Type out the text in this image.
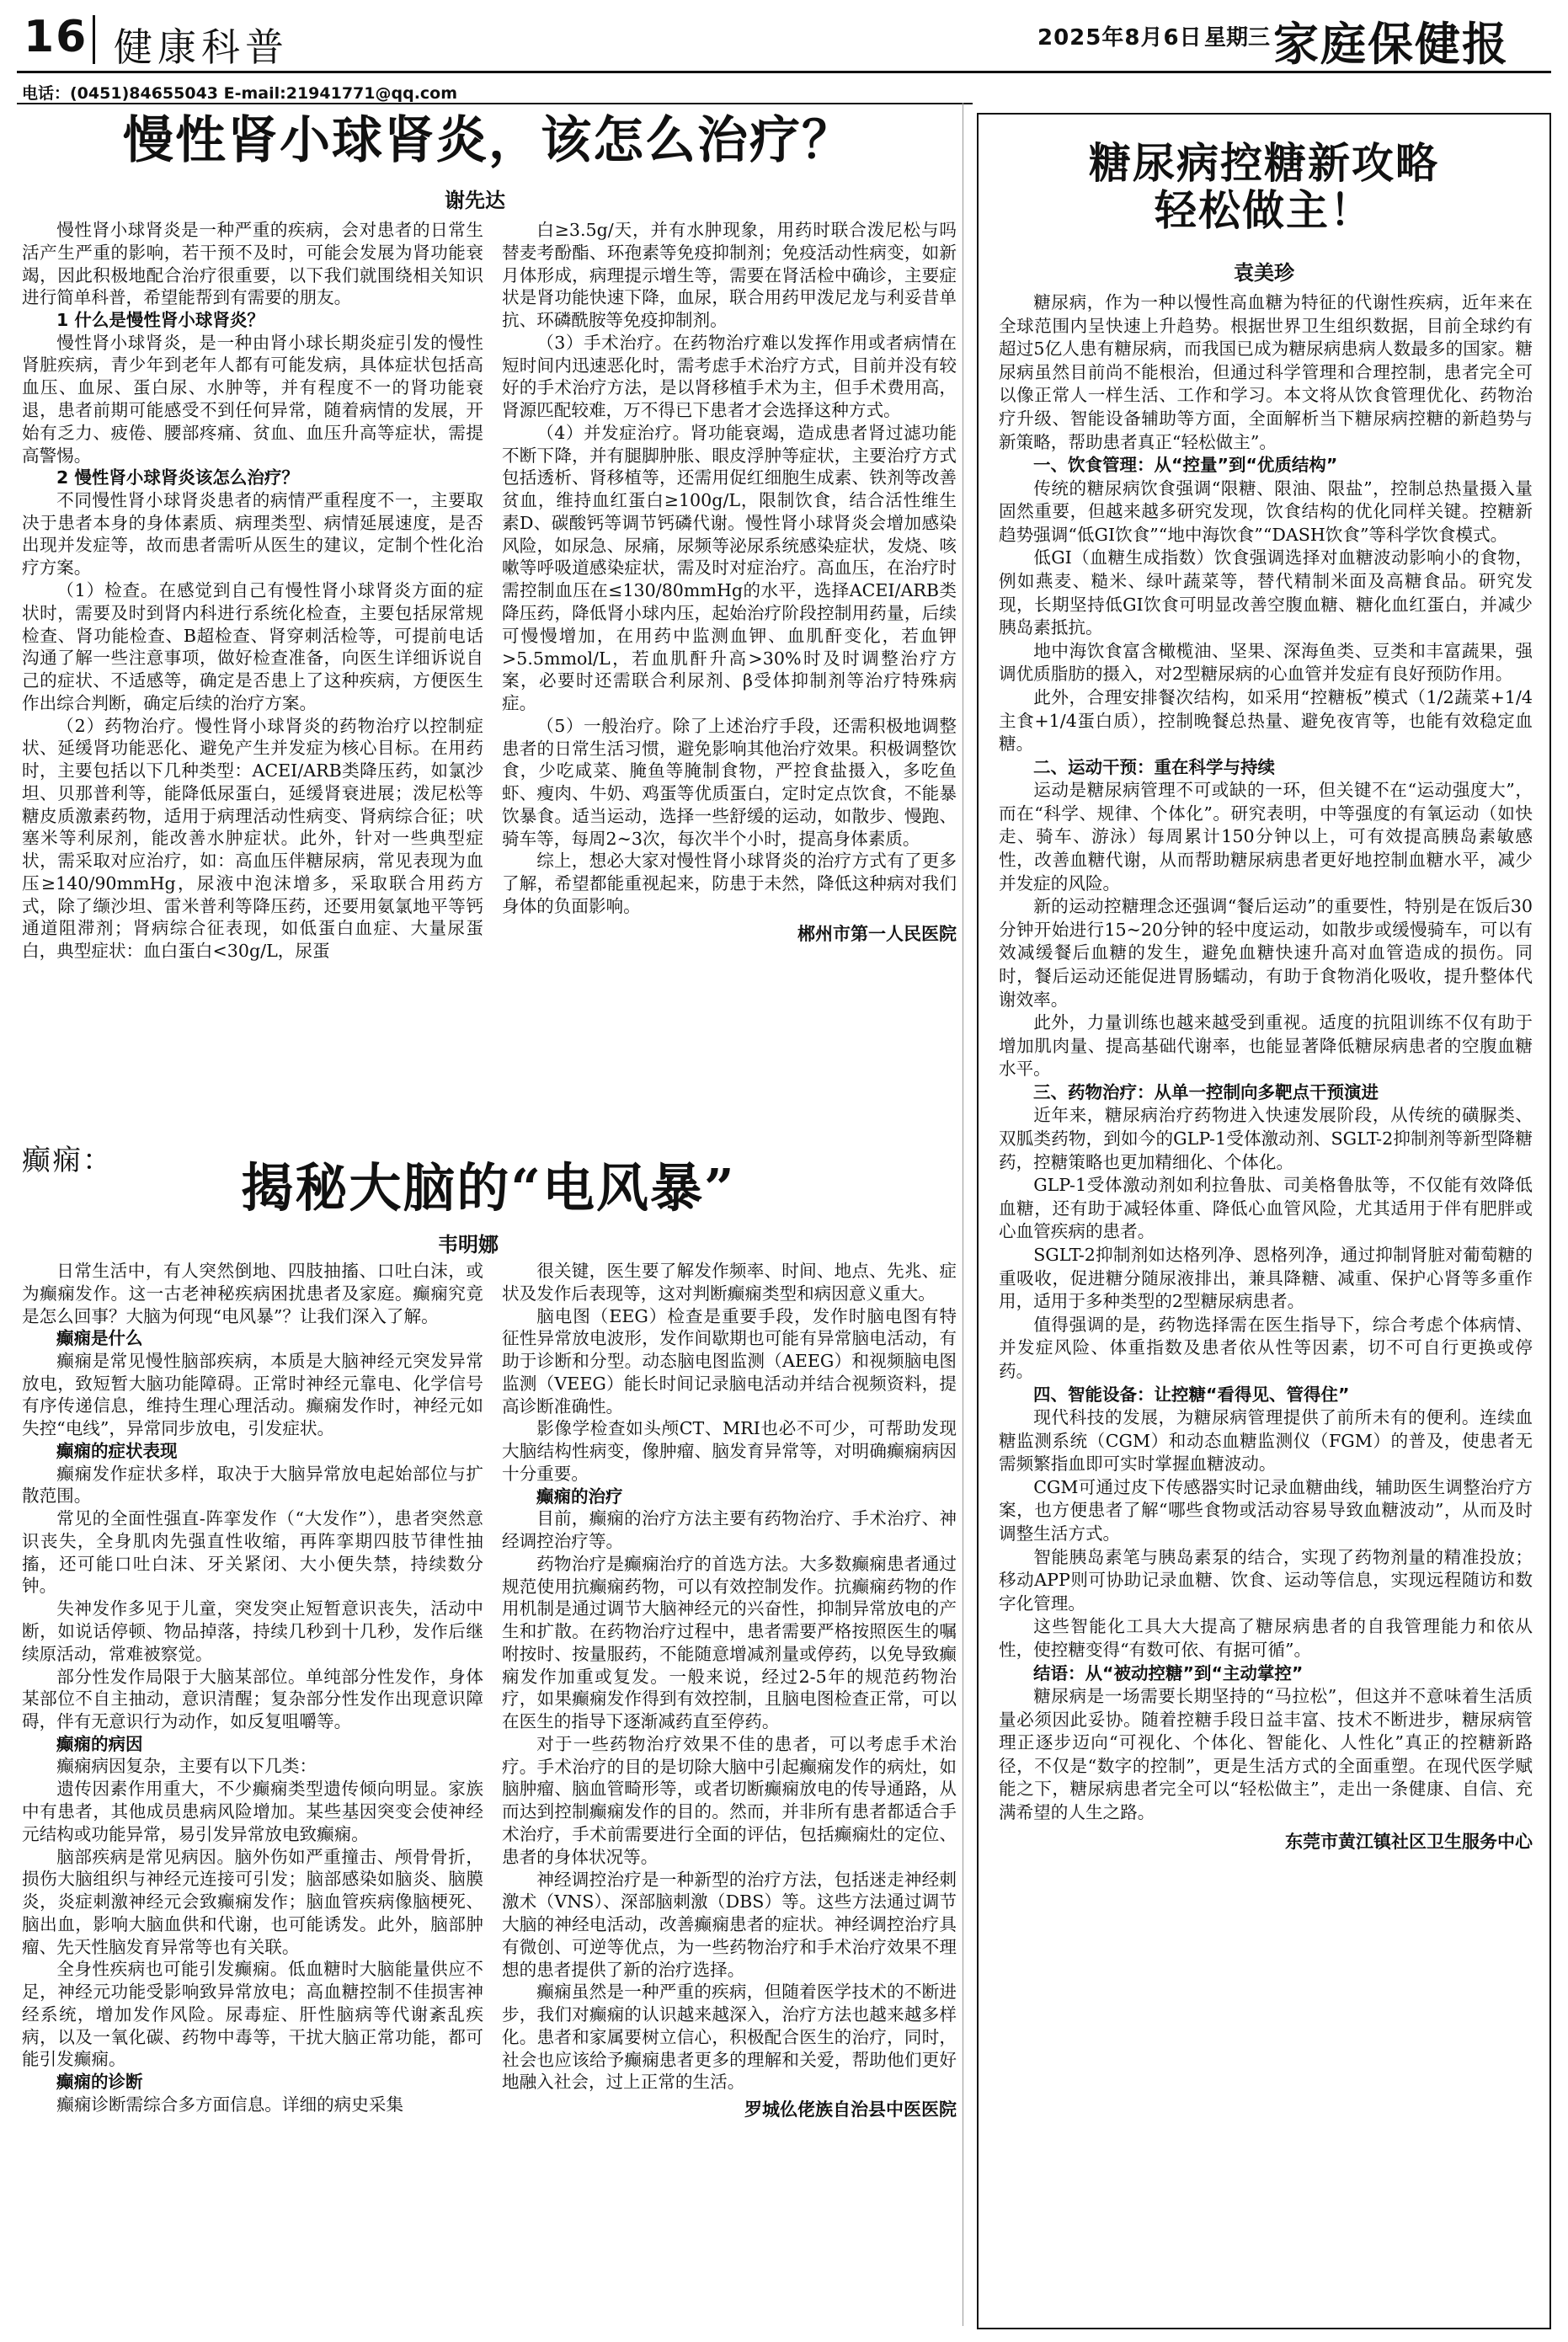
16 健康科普	2025年8月6日 星期三 家庭保健报
电话：(0451)84655043 E-mail:21941771@qq.com
慢性肾小球肾炎，该怎么治疗？
谢先达

慢性肾小球肾炎是一种严重的疾病，会对患者的日常生活产生严重的影响，若干预不及时，可能会发展为肾功能衰竭，因此积极地配合治疗很重要，以下我们就围绕相关知识进行简单科普，希望能帮到有需要的朋友。

1 什么是慢性肾小球肾炎？

慢性肾小球肾炎，是一种由肾小球长期炎症引发的慢性肾脏疾病，青少年到老年人都有可能发病，具体症状包括高血压、血尿、蛋白尿、水肿等，并有程度不一的肾功能衰退，患者前期可能感受不到任何异常，随着病情的发展，开始有乏力、疲倦、腰部疼痛、贫血、血压升高等症状，需提高警惕。

2 慢性肾小球肾炎该怎么治疗？

不同慢性肾小球肾炎患者的病情严重程度不一，主要取决于患者本身的身体素质、病理类型、病情延展速度，是否出现并发症等，故而患者需听从医生的建议，定制个性化治疗方案。

（1）检查。在感觉到自己有慢性肾小球肾炎方面的症状时，需要及时到肾内科进行系统化检查，主要包括尿常规检查、肾功能检查、B超检查、肾穿刺活检等，可提前电话沟通了解一些注意事项，做好检查准备，向医生详细诉说自己的症状、不适感等，确定是否患上了这种疾病，方便医生作出综合判断，确定后续的治疗方案。

（2）药物治疗。慢性肾小球肾炎的药物治疗以控制症状、延缓肾功能恶化、避免产生并发症为核心目标。在用药时，主要包括以下几种类型：ACEI/ARB类降压药，如氯沙坦、贝那普利等，能降低尿蛋白，延缓肾衰进展；泼尼松等糖皮质激素药物，适用于病理活动性病变、肾病综合征；吠塞米等利尿剂，能改善水肿症状。此外，针对一些典型症状，需采取对应治疗，如：高血压伴糖尿病，常见表现为血压≥140/90mmHg，尿液中泡沫增多，采取联合用药方式，除了缬沙坦、雷米普利等降压药，还要用氨氯地平等钙通道阻滞剂；肾病综合征表现，如低蛋白血症、大量尿蛋白，典型症状：血白蛋白<30g/L，尿蛋

白≥3.5g/天，并有水肿现象，用药时联合泼尼松与吗替麦考酚酯、环孢素等免疫抑制剂；免疫活动性病变，如新月体形成，病理提示增生等，需要在肾活检中确诊，主要症状是肾功能快速下降，血尿，联合用药甲泼尼龙与利妥昔单抗、环磷酰胺等免疫抑制剂。

（3）手术治疗。在药物治疗难以发挥作用或者病情在短时间内迅速恶化时，需考虑手术治疗方式，目前并没有较好的手术治疗方法，是以肾移植手术为主，但手术费用高，肾源匹配较难，万不得已下患者才会选择这种方式。

（4）并发症治疗。肾功能衰竭，造成患者肾过滤功能不断下降，并有腿脚肿胀、眼皮浮肿等症状，主要治疗方式包括透析、肾移植等，还需用促红细胞生成素、铁剂等改善贫血，维持血红蛋白≥100g/L，限制饮食，结合活性维生素D、碳酸钙等调节钙磷代谢。慢性肾小球肾炎会增加感染风险，如尿急、尿痛，尿频等泌尿系统感染症状，发烧、咳嗽等呼吸道感染症状，需及时对症治疗。高血压，在治疗时需控制血压在≤130/80mmHg的水平，选择ACEI/ARB类降压药，降低肾小球内压，起始治疗阶段控制用药量，后续可慢慢增加，在用药中监测血钾、血肌酐变化，若血钾>5.5mmol/L，若血肌酐升高>30%时及时调整治疗方案，必要时还需联合利尿剂、β受体抑制剂等治疗特殊病症。

（5）一般治疗。除了上述治疗手段，还需积极地调整患者的日常生活习惯，避免影响其他治疗效果。积极调整饮食，少吃咸菜、腌鱼等腌制食物，严控食盐摄入，多吃鱼虾、瘦肉、牛奶、鸡蛋等优质蛋白，定时定点饮食，不能暴饮暴食。适当运动，选择一些舒缓的运动，如散步、慢跑、骑车等，每周2~3次，每次半个小时，提高身体素质。

综上，想必大家对慢性肾小球肾炎的治疗方式有了更多了解，希望都能重视起来，防患于未然，降低这种病对我们身体的负面影响。

郴州市第一人民医院

癫痫：	揭秘大脑的“电风暴”
韦明娜

日常生活中，有人突然倒地、四肢抽搐、口吐白沫，或为癫痫发作。这一古老神秘疾病困扰患者及家庭。癫痫究竟是怎么回事？大脑为何现“电风暴”？让我们深入了解。

癫痫是什么

癫痫是常见慢性脑部疾病，本质是大脑神经元突发异常放电，致短暂大脑功能障碍。正常时神经元靠电、化学信号有序传递信息，维持生理心理活动。癫痫发作时，神经元如失控“电线”，异常同步放电，引发症状。

癫痫的症状表现

癫痫发作症状多样，取决于大脑异常放电起始部位与扩散范围。

常见的全面性强直-阵挛发作（“大发作”），患者突然意识丧失，全身肌肉先强直性收缩，再阵挛期四肢节律性抽搐，还可能口吐白沫、牙关紧闭、大小便失禁，持续数分钟。

失神发作多见于儿童，突发突止短暂意识丧失，活动中断，如说话停顿、物品掉落，持续几秒到十几秒，发作后继续原活动，常难被察觉。

部分性发作局限于大脑某部位。单纯部分性发作，身体某部位不自主抽动，意识清醒；复杂部分性发作出现意识障碍，伴有无意识行为动作，如反复咀嚼等。

癫痫的病因

癫痫病因复杂，主要有以下几类：

遗传因素作用重大，不少癫痫类型遗传倾向明显。家族中有患者，其他成员患病风险增加。某些基因突变会使神经元结构或功能异常，易引发异常放电致癫痫。

脑部疾病是常见病因。脑外伤如严重撞击、颅骨骨折，损伤大脑组织与神经元连接可引发；脑部感染如脑炎、脑膜炎，炎症刺激神经元会致癫痫发作；脑血管疾病像脑梗死、脑出血，影响大脑血供和代谢，也可能诱发。此外，脑部肿瘤、先天性脑发育异常等也有关联。

全身性疾病也可能引发癫痫。低血糖时大脑能量供应不足，神经元功能受影响致异常放电；高血糖控制不佳损害神经系统，增加发作风险。尿毒症、肝性脑病等代谢紊乱疾病，以及一氧化碳、药物中毒等，干扰大脑正常功能，都可能引发癫痫。

癫痫的诊断

癫痫诊断需综合多方面信息。详细的病史采集

很关键，医生要了解发作频率、时间、地点、先兆、症状及发作后表现等，这对判断癫痫类型和病因意义重大。

脑电图（EEG）检查是重要手段，发作时脑电图有特征性异常放电波形，发作间歇期也可能有异常脑电活动，有助于诊断和分型。动态脑电图监测（AEEG）和视频脑电图监测（VEEG）能长时间记录脑电活动并结合视频资料，提高诊断准确性。

影像学检查如头颅CT、MRI也必不可少，可帮助发现大脑结构性病变，像肿瘤、脑发育异常等，对明确癫痫病因十分重要。

癫痫的治疗

目前，癫痫的治疗方法主要有药物治疗、手术治疗、神经调控治疗等。

药物治疗是癫痫治疗的首选方法。大多数癫痫患者通过规范使用抗癫痫药物，可以有效控制发作。抗癫痫药物的作用机制是通过调节大脑神经元的兴奋性，抑制异常放电的产生和扩散。在药物治疗过程中，患者需要严格按照医生的嘱咐按时、按量服药，不能随意增减剂量或停药，以免导致癫痫发作加重或复发。一般来说，经过2-5年的规范药物治疗，如果癫痫发作得到有效控制，且脑电图检查正常，可以在医生的指导下逐渐减药直至停药。

对于一些药物治疗效果不佳的患者，可以考虑手术治疗。手术治疗的目的是切除大脑中引起癫痫发作的病灶，如脑肿瘤、脑血管畸形等，或者切断癫痫放电的传导通路，从而达到控制癫痫发作的目的。然而，并非所有患者都适合手术治疗，手术前需要进行全面的评估，包括癫痫灶的定位、患者的身体状况等。

神经调控治疗是一种新型的治疗方法，包括迷走神经刺激术（VNS）、深部脑刺激（DBS）等。这些方法通过调节大脑的神经电活动，改善癫痫患者的症状。神经调控治疗具有微创、可逆等优点，为一些药物治疗和手术治疗效果不理想的患者提供了新的治疗选择。

癫痫虽然是一种严重的疾病，但随着医学技术的不断进步，我们对癫痫的认识越来越深入，治疗方法也越来越多样化。患者和家属要树立信心，积极配合医生的治疗，同时，社会也应该给予癫痫患者更多的理解和关爱，帮助他们更好地融入社会，过上正常的生活。

罗城仫佬族自治县中医医院

糖尿病控糖新攻略
轻松做主！
袁美珍

糖尿病，作为一种以慢性高血糖为特征的代谢性疾病，近年来在全球范围内呈快速上升趋势。根据世界卫生组织数据，目前全球约有超过5亿人患有糖尿病，而我国已成为糖尿病患病人数最多的国家。糖尿病虽然目前尚不能根治，但通过科学管理和合理控制，患者完全可以像正常人一样生活、工作和学习。本文将从饮食管理优化、药物治疗升级、智能设备辅助等方面，全面解析当下糖尿病控糖的新趋势与新策略，帮助患者真正“轻松做主”。

一、饮食管理：从“控量”到“优质结构”

传统的糖尿病饮食强调“限糖、限油、限盐”，控制总热量摄入量固然重要，但越来越多研究发现，饮食结构的优化同样关键。控糖新趋势强调“低GI饮食”“地中海饮食”“DASH饮食”等科学饮食模式。

低GI（血糖生成指数）饮食强调选择对血糖波动影响小的食物，例如燕麦、糙米、绿叶蔬菜等，替代精制米面及高糖食品。研究发现，长期坚持低GI饮食可明显改善空腹血糖、糖化血红蛋白，并减少胰岛素抵抗。

地中海饮食富含橄榄油、坚果、深海鱼类、豆类和丰富蔬果，强调优质脂肪的摄入，对2型糖尿病的心血管并发症有良好预防作用。

此外，合理安排餐次结构，如采用“控糖板”模式（1/2蔬菜+1/4主食+1/4蛋白质），控制晚餐总热量、避免夜宵等，也能有效稳定血糖。

二、运动干预：重在科学与持续

运动是糖尿病管理不可或缺的一环，但关键不在“运动强度大”，而在“科学、规律、个体化”。研究表明，中等强度的有氧运动（如快走、骑车、游泳）每周累计150分钟以上，可有效提高胰岛素敏感性，改善血糖代谢，从而帮助糖尿病患者更好地控制血糖水平，减少并发症的风险。

新的运动控糖理念还强调“餐后运动”的重要性，特别是在饭后30分钟开始进行15~20分钟的轻中度运动，如散步或缓慢骑车，可以有效减缓餐后血糖的发生，避免血糖快速升高对血管造成的损伤。同时，餐后运动还能促进胃肠蠕动，有助于食物消化吸收，提升整体代谢效率。

此外，力量训练也越来越受到重视。适度的抗阻训练不仅有助于增加肌肉量、提高基础代谢率，也能显著降低糖尿病患者的空腹血糖水平。

三、药物治疗：从单一控制向多靶点干预演进

近年来，糖尿病治疗药物进入快速发展阶段，从传统的磺脲类、双胍类药物，到如今的GLP-1受体激动剂、SGLT-2抑制剂等新型降糖药，控糖策略也更加精细化、个体化。

GLP-1受体激动剂如利拉鲁肽、司美格鲁肽等，不仅能有效降低血糖，还有助于减轻体重、降低心血管风险，尤其适用于伴有肥胖或心血管疾病的患者。

SGLT-2抑制剂如达格列净、恩格列净，通过抑制肾脏对葡萄糖的重吸收，促进糖分随尿液排出，兼具降糖、减重、保护心肾等多重作用，适用于多种类型的2型糖尿病患者。

值得强调的是，药物选择需在医生指导下，综合考虑个体病情、并发症风险、体重指数及患者依从性等因素，切不可自行更换或停药。

四、智能设备：让控糖“看得见、管得住”

现代科技的发展，为糖尿病管理提供了前所未有的便利。连续血糖监测系统（CGM）和动态血糖监测仪（FGM）的普及，使患者无需频繁指血即可实时掌握血糖波动。

CGM可通过皮下传感器实时记录血糖曲线，辅助医生调整治疗方案，也方便患者了解“哪些食物或活动容易导致血糖波动”，从而及时调整生活方式。

智能胰岛素笔与胰岛素泵的结合，实现了药物剂量的精准投放；移动APP则可协助记录血糖、饮食、运动等信息，实现远程随访和数字化管理。

这些智能化工具大大提高了糖尿病患者的自我管理能力和依从性，使控糖变得“有数可依、有据可循”。

结语：从“被动控糖”到“主动掌控”

糖尿病是一场需要长期坚持的“马拉松”，但这并不意味着生活质量必须因此妥协。随着控糖手段日益丰富、技术不断进步，糖尿病管理正逐步迈向“可视化、个体化、智能化、人性化”真正的控糖新路径，不仅是“数字的控制”，更是生活方式的全面重塑。在现代医学赋能之下，糖尿病患者完全可以“轻松做主”，走出一条健康、自信、充满希望的人生之路。

东莞市黄江镇社区卫生服务中心
